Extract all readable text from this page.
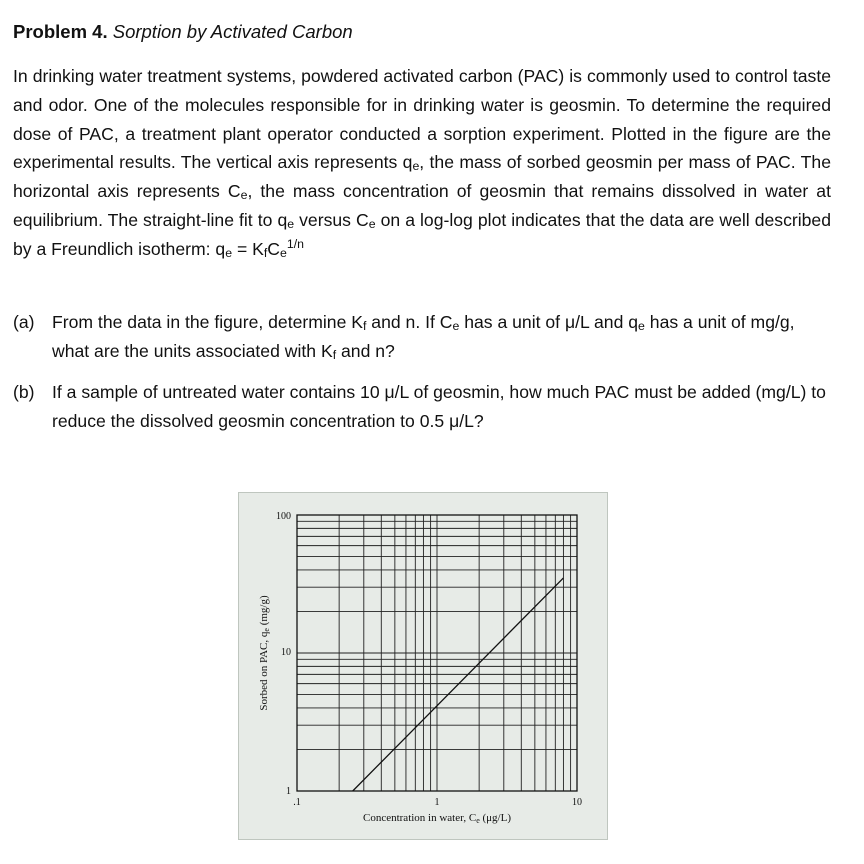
Problem 4. Sorption by Activated Carbon
In drinking water treatment systems, powdered activated carbon (PAC) is commonly used to control taste and odor. One of the molecules responsible for in drinking water is geosmin. To determine the required dose of PAC, a treatment plant operator conducted a sorption experiment. Plotted in the figure are the experimental results. The vertical axis represents $q_e$, the mass of sorbed geosmin per mass of PAC. The horizontal axis represents $C_e$, the mass concentration of geosmin that remains dissolved in water at equilibrium. The straight-line fit to $q_e$ versus $C_e$ on a log-log plot indicates that the data are well described by a Freundlich isotherm: $q_e = K_fC_e^{1/n}$
(a) From the data in the figure, determine $K_f$ and n. If $C_e$ has a unit of μ/L and $q_e$ has a unit of mg/g, what are the units associated with $K_f$ and n?
(b) If a sample of untreated water contains 10 μ/L of geosmin, how much PAC must be added (mg/L) to reduce the dissolved geosmin concentration to 0.5 μ/L?
100
10
1
.1	1	10
Concentration in water, Ce (μg/L)
Sorbed on PAC, qe (mg/g)
